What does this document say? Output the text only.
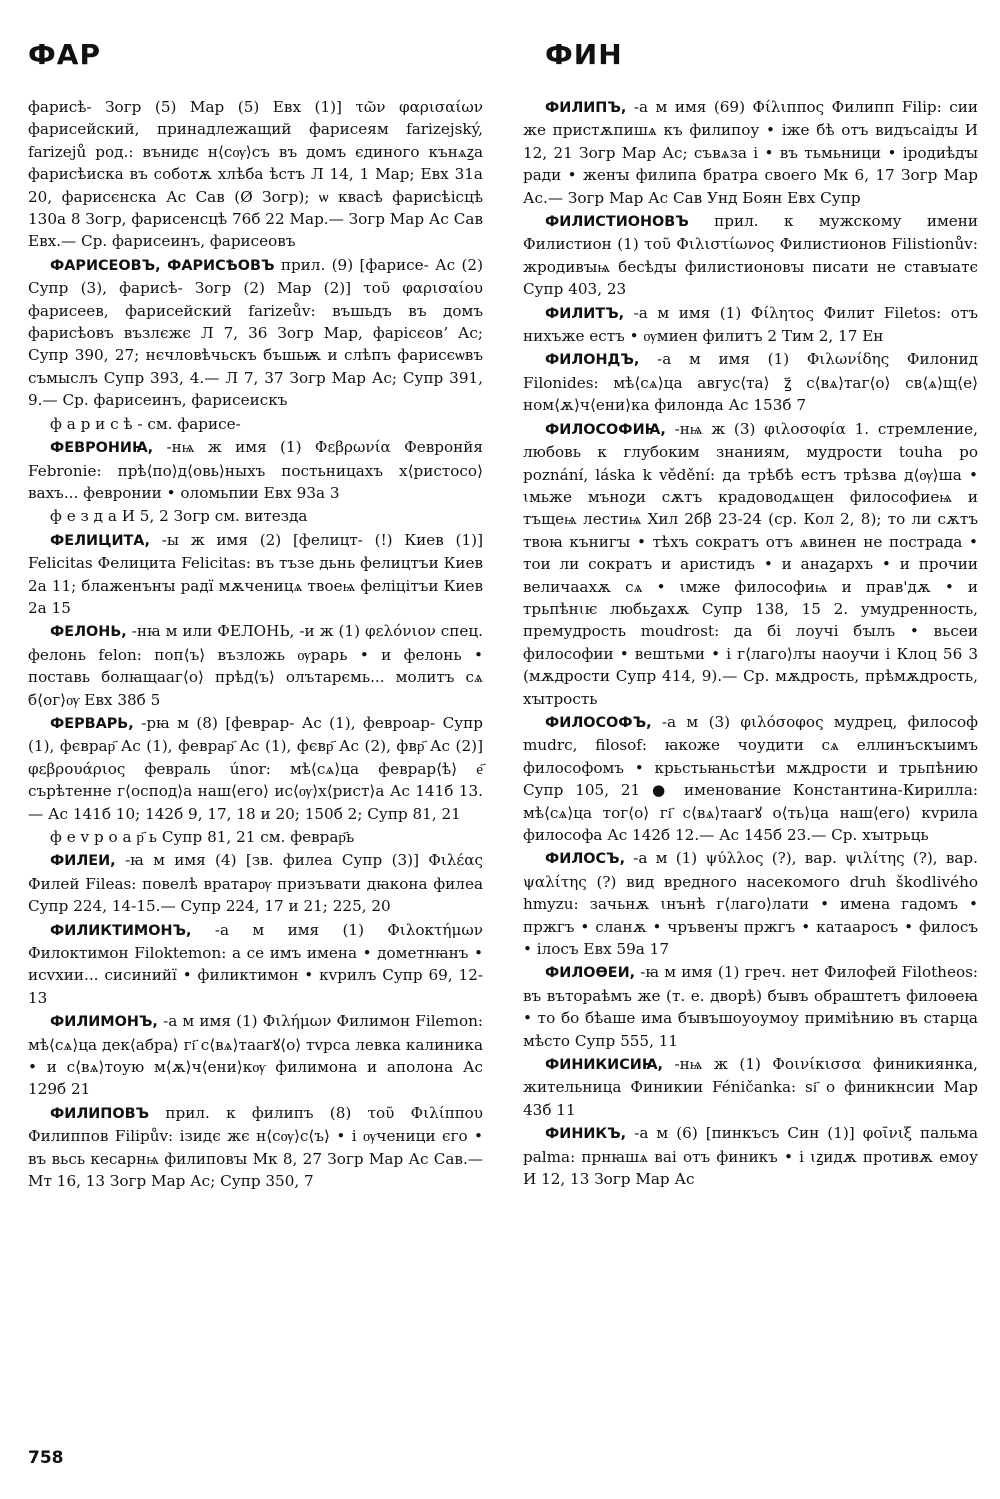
ФАР	ФИН

фарисѣ- Зогр (5) Мар (5) Евх (1)] τῶν φαρισαίων фарисейский, принадлежащий фарисеям farizejský, farizejů род.: вънидє н⟨сѹ⟩съ въ домъ єдиного кънѧꙁа фарисѣиска въ соботѫ хлѣба ѣстъ Л 14, 1 Мар; Евх 31а 20, фарисєнска Ас Сав (Ø Зогр); ѡ квасѣ фарисѣісцѣ 130а 8 Зогр, фарисенсцѣ 76б 22 Мар.— Зогр Мар Ас Сав Евх.— Ср. фарисеинъ, фарисеовъ

ФАРИСЕОВЪ, ФАРИСѢОВЪ прил. (9) [фарисе- Ас (2) Супр (3), фарисѣ- Зогр (2) Мар (2)] τοῦ φαρισαίου фарисеев, фарисейский farizeův: въшьдъ въ домъ фарисѣовъ възлєжє Л 7, 36 Зогр Мар, фарісєовʼ Ас; Супр 390, 27; нєчловѣчьскъ бъшьѭ и слѣпъ фарисєѡвъ съмыслъ Супр 393, 4.— Л 7, 37 Зогр Мар Ас; Супр 391, 9.— Ср. фарисеинъ, фарисеискъ

ф а р и с ѣ - см. фарисе-

ФЕВРОНИꙖ, -нѩ ж имя (1) Φεβρωνία Февронйя Febronie: прѣ⟨по⟩д⟨овь⟩ныхъ постьницахъ х⟨ристосо⟩вахъ... февронии • оломьпии Евх 93а 3

ф е з д а И 5, 2 Зогр см. витезда

ФЕЛИЦИТА, -ы ж имя (2) [фелицт- (!) Киев (1)] Felicitas Фелицита Felicitas: въ тъзе дьнь фелицтъи Киев 2а 11; блаженънꙑ радї мѫченицѧ твоеѩ феліцітъи Киев 2а 15

ФЕЛОНЬ, -нꙗ м или ФЕЛОНЬ, -и ж (1) φελόνιον спец. фелонь felon: поп⟨ъ⟩ възложь ѹрарь • и фелонь • поставь болꙗщааг⟨о⟩ прѣд⟨ъ⟩ олътарємь... молитъ сѧ б⟨ог⟩ѹ Евх 38б 5

ФЕРВАРЬ, -рꙗ м (8) [феврар- Ас (1), февроар- Супр (1), фєврар҃ Ас (1), феврар҃ Ас (1), фєвр҃ Ас (2), фвр҃ Ас (2)] φεβρουάριος февраль únor: мѣ⟨сѧ⟩ца феврар⟨ѣ⟩ е҃ сърѣтенне г⟨оспод⟩а наш⟨его⟩ ис⟨ѹ⟩х⟨рист⟩а Ас 141б 13.— Ас 141б 10; 142б 9, 17, 18 и 20; 150б 2; Супр 81, 21

ф е v р о а р҃ ь Супр 81, 21 см. феврар҃ь

ФИЛЕИ, -ꙗ м имя (4) [зв. филеа Супр (3)] Φιλέας Филей Fileas: повелѣ вратарѹ призъвати дꙗкона филеа Супр 224, 14-15.— Супр 224, 17 и 21; 225, 20

ФИЛИКТИМОНЪ, -а м имя (1) Φιλοκτήμων Филоктимон Filoktemon: а се имъ имена • дометнꙗнъ • исvхии... сисинийї • филиктимон • кvрилъ Супр 69, 12-13

ФИЛИМОНЪ, -а м имя (1) Φιλήμων Филимон Filemon: мѣ⟨сѧ⟩ца дек⟨абра⟩ гі҃ с⟨вѧ⟩таагꙋ⟨о⟩ тvрса левка калиника • и с⟨вѧ⟩тоую м⟨ѫ⟩ч⟨ени⟩кѹ филимона и аполона Ас 129б 21

ФИЛИПОВЪ прил. к филипъ (8) τοῦ Φιλίππου Филиппов Filipův: ізидє жє н⟨сѹ⟩с⟨ъ⟩ • і ѹченици єго • въ вьсь кесарнѩ филиповꙑ Мк 8, 27 Зогр Мар Ас Сав.— Мт 16, 13 Зогр Мар Ас; Супр 350, 7

ФИЛИПЪ, -а м имя (69) Φίλιππος Филипп Filip: сии же пристѫпишѧ къ филипоу • іже бѣ отъ видъсаідꙑ И 12, 21 Зогр Мар Ас; съвѧза і • въ тьмьници • іродиѣдꙑ ради • женꙑ филипа братра своего Мк 6, 17 Зогр Мар Ас.— Зогр Мар Ас Сав Унд Боян Евх Супр

ФИЛИСТИОНОВЪ прил. к мужскому имени Филистион (1) τοῦ Φιλιστίωνος Филистионов Filistionův: жродивꙑѩ бесѣдꙑ филистионовꙑ писати не ставꙑатє Супр 403, 23

ФИЛИТЪ, -а м имя (1) Φίλητος Филит Filetos: отъ нихъже естъ • ѹмиен филитъ 2 Тим 2, 17 Ен

ФИЛОНДЪ, -а м имя (1) Φιλωνίδης Филонид Filonides: мѣ⟨сѧ⟩ца авгус⟨та⟩ ꙁ҃ с⟨вѧ⟩таг⟨о⟩ св⟨ѧ⟩щ⟨е⟩ном⟨ѫ⟩ч⟨ени⟩ка филонда Ас 153б 7

ФИЛОСОФИꙖ, -нѩ ж (3) φιλοσοφία 1. стремление, любовь к глубоким знаниям, мудрости touha po poznání, láska k vědění: да трѣбѣ естъ трѣзва д⟨ѹ⟩ша • ꙇмьже мъноꙁи сѫтъ крадоводѧщен философиеѩ и тъщеѩ лестиѩ Хил 2бβ 23-24 (ср. Кол 2, 8); то ли сѫтъ твоꙗ кънигꙑ • тѣхъ сократъ отъ ѧвинен не пострада • тои ли сократъ и аристидъ • и анаꙁархъ • и прочии величаахѫ сѧ • ꙇмже философиѩ и прав'дѫ • и трьпѣнꙇѥ любьꙁахѫ Супр 138, 15 2. умудренность, премудрость moudrost: да бі лоучі бꙑлъ • вьсеи философии • вештьми • і г⟨лаго⟩лꙑ наоучи і Клоц 56 3 (мѫдрости Супр 414, 9).— Ср. мѫдрость, прѣмѫдрость, хꙑтрость

ФИЛОСОФЪ, -а м (3) φιλόσοφος мудрец, философ mudrc, filosof: ꙗкоже чоудити сѧ еллинъскꙑимъ философомъ • крьстьꙗньстѣи мѫдрости и трьпѣнию Супр 105, 21 ● именование Константина-Кирилла: мѣ⟨сѧ⟩ца тог⟨о⟩ гі҃ с⟨вѧ⟩таагꙋ о⟨ть⟩ца наш⟨его⟩ кvрила философа Ас 142б 12.— Ас 145б 23.— Ср. хꙑтрьць

ФИЛОСЪ, -а м (1) ψύλλος (?), вар. ψιλίτης (?), вар. ψαλίτης (?) вид вредного насекомого druh škodlivého hmyzu: зачьнѫ ꙇнънѣ г⟨лаго⟩лати • имена гадомъ • пржгъ • сланѫ • чръвенꙑ пржгъ • катааросъ • филосъ • ілосъ Евх 59а 17

ФИЛОѲЕИ, -ꙗ м имя (1) греч. нет Филофей Filotheos: въ вътораѣмъ же (т. е. дворѣ) бꙑвъ обраштетъ филоѳеꙗ • то бо бѣаше има бꙑвъшоуоумоу приміѣнию въ старца мѣсто Супр 555, 11

ФИНИКИСИꙖ, -нѩ ж (1) Φοινίκισσα финикиянка, жительница Финикии Féničanka: ѕі҃ о финикнсии Мар 43б 11

ФИНИКЪ, -а м (6) [пинкъсъ Син (1)] φοῖνιξ пальма palma: прнꙗшѧ ваі отъ финикъ • і ꙇꙁидѫ противѫ емоу И 12, 13 Зогр Мар Ас

758
